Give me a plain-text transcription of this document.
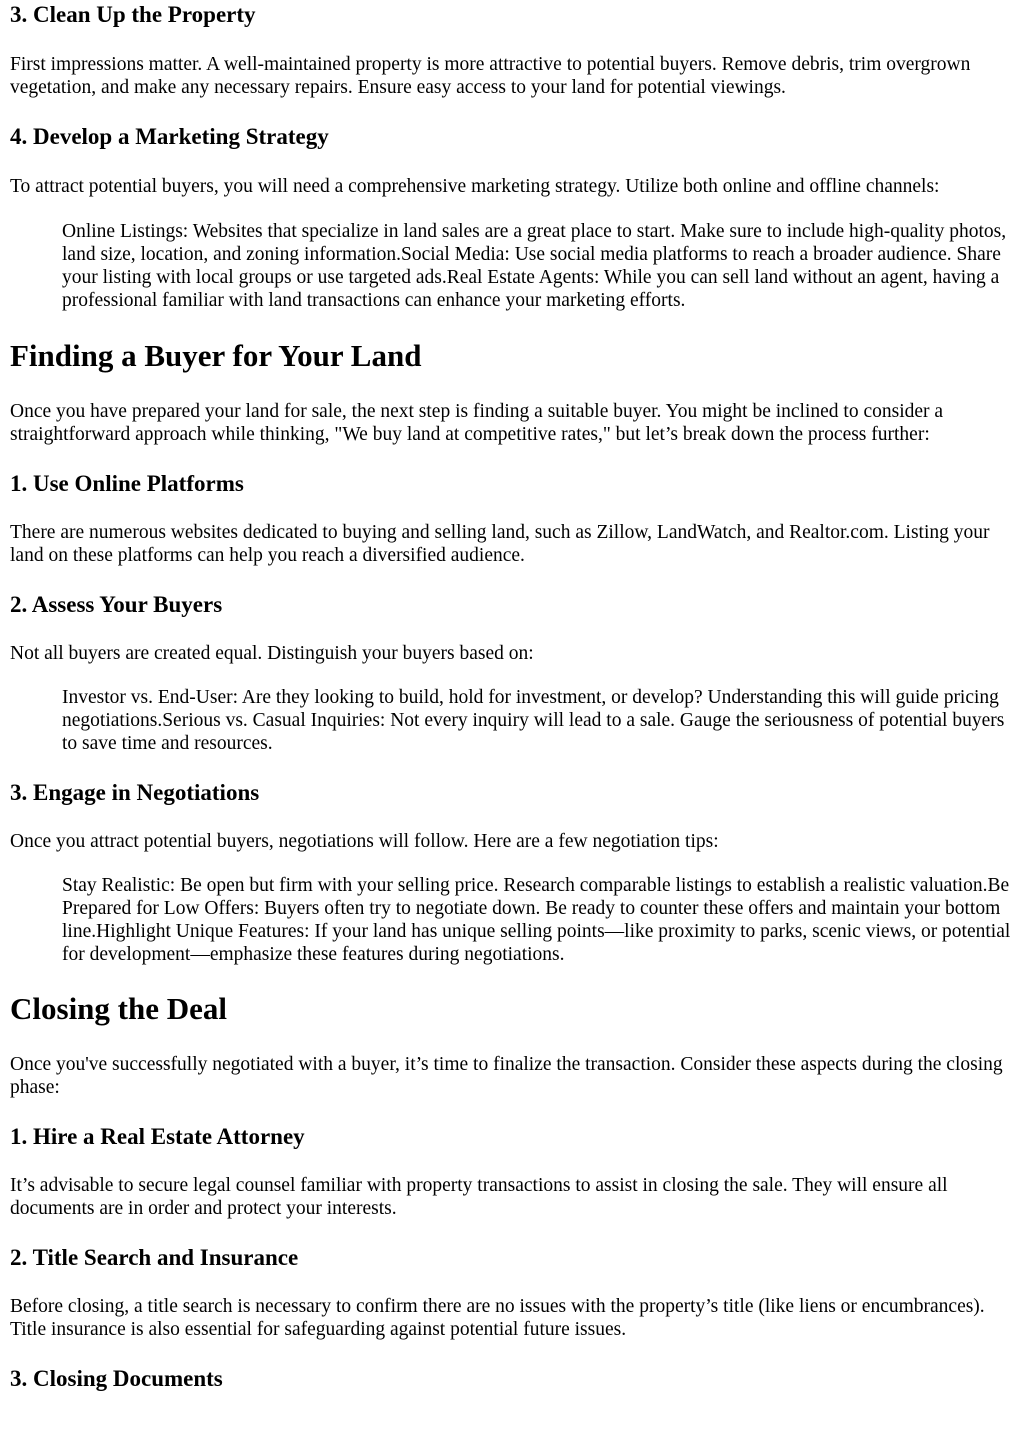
3. Clean Up the Property

First impressions matter. A well-maintained property is more attractive to potential buyers. Remove debris, trim overgrown vegetation, and make any necessary repairs. Ensure easy access to your land for potential viewings.

4. Develop a Marketing Strategy

To attract potential buyers, you will need a comprehensive marketing strategy. Utilize both online and offline channels:

Online Listings: Websites that specialize in land sales are a great place to start. Make sure to include high-quality photos, land size, location, and zoning information.Social Media: Use social media platforms to reach a broader audience. Share your listing with local groups or use targeted ads.Real Estate Agents: While you can sell land without an agent, having a professional familiar with land transactions can enhance your marketing efforts.
Finding a Buyer for Your Land

Once you have prepared your land for sale, the next step is finding a suitable buyer. You might be inclined to consider a straightforward approach while thinking, "We buy land at competitive rates," but let’s break down the process further:

1. Use Online Platforms

There are numerous websites dedicated to buying and selling land, such as Zillow, LandWatch, and Realtor.com. Listing your land on these platforms can help you reach a diversified audience.

2. Assess Your Buyers

Not all buyers are created equal. Distinguish your buyers based on:

Investor vs. End-User: Are they looking to build, hold for investment, or develop? Understanding this will guide pricing negotiations.Serious vs. Casual Inquiries: Not every inquiry will lead to a sale. Gauge the seriousness of potential buyers to save time and resources.
3. Engage in Negotiations

Once you attract potential buyers, negotiations will follow. Here are a few negotiation tips:

Stay Realistic: Be open but firm with your selling price. Research comparable listings to establish a realistic valuation.Be Prepared for Low Offers: Buyers often try to negotiate down. Be ready to counter these offers and maintain your bottom line.Highlight Unique Features: If your land has unique selling points—like proximity to parks, scenic views, or potential for development—emphasize these features during negotiations.
Closing the Deal

Once you've successfully negotiated with a buyer, it’s time to finalize the transaction. Consider these aspects during the closing phase:

1. Hire a Real Estate Attorney

It’s advisable to secure legal counsel familiar with property transactions to assist in closing the sale. They will ensure all documents are in order and protect your interests.

2. Title Search and Insurance

Before closing, a title search is necessary to confirm there are no issues with the property’s title (like liens or encumbrances). Title insurance is also essential for safeguarding against potential future issues.

3. Closing Documents
